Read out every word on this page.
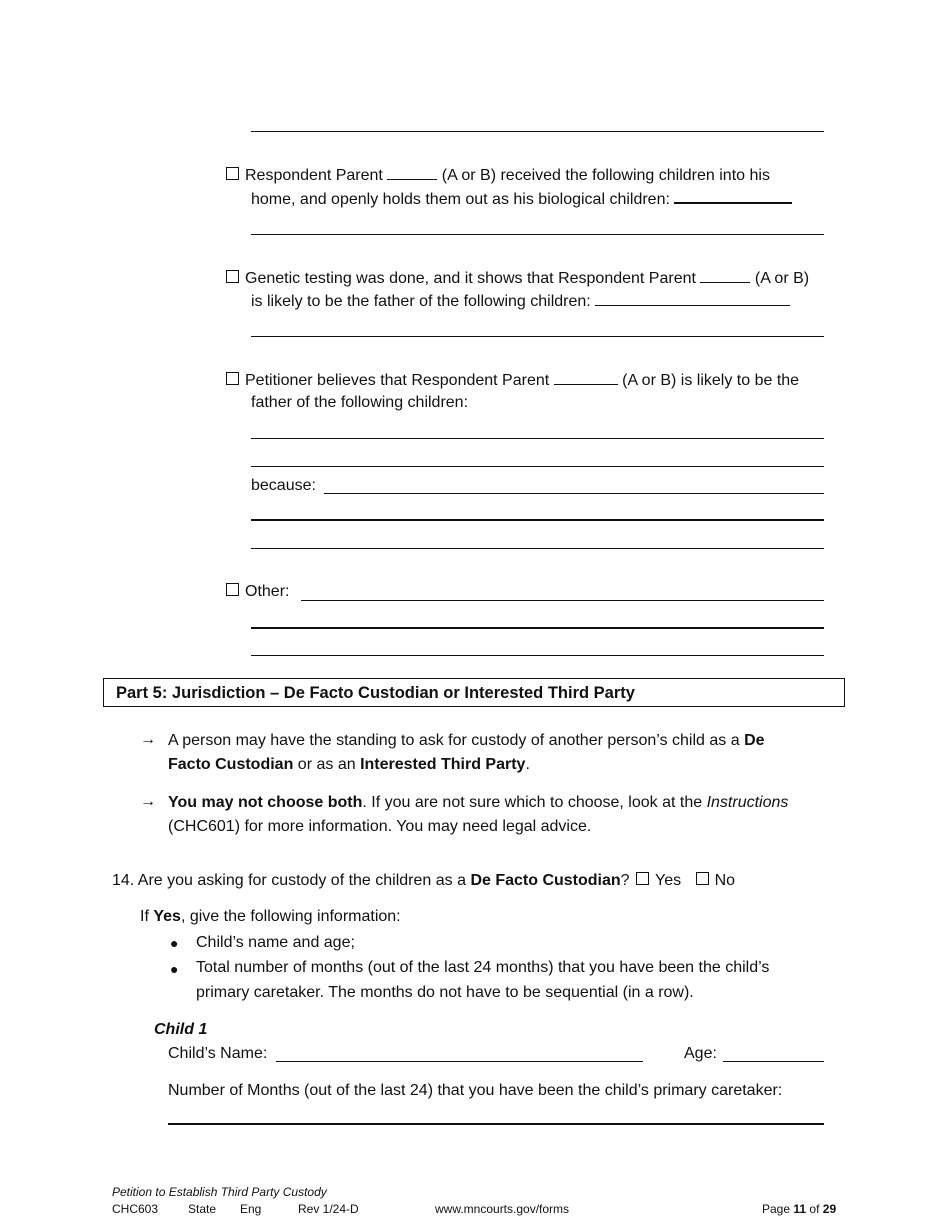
Respondent Parent	(A or B) received the following children into his
home, and openly holds them out as his biological children:
Genetic testing was done, and it shows that Respondent Parent	(A or B)
is likely to be the father of the following children:
Petitioner believes that Respondent Parent	(A or B) is likely to be the
father of the following children:
because:
Other:
Part 5: Jurisdiction – De Facto Custodian or Interested Third Party
→ A person may have the standing to ask for custody of another person’s child as a De
Facto Custodian or as an Interested Third Party.
→ You may not choose both. If you are not sure which to choose, look at the Instructions
(CHC601) for more information. You may need legal advice.
14. Are you asking for custody of the children as a De Facto Custodian? Yes No
If Yes, give the following information:
● Child’s name and age;
● Total number of months (out of the last 24 months) that you have been the child’s
primary caretaker. The months do not have to be sequential (in a row).
Child 1
Child’s Name:	Age:
Number of Months (out of the last 24) that you have been the child’s primary caretaker:
Petition to Establish Third Party Custody
CHC603 State Eng	Rev 1/24-D	www.mncourts.gov/forms	Page 11 of 29
